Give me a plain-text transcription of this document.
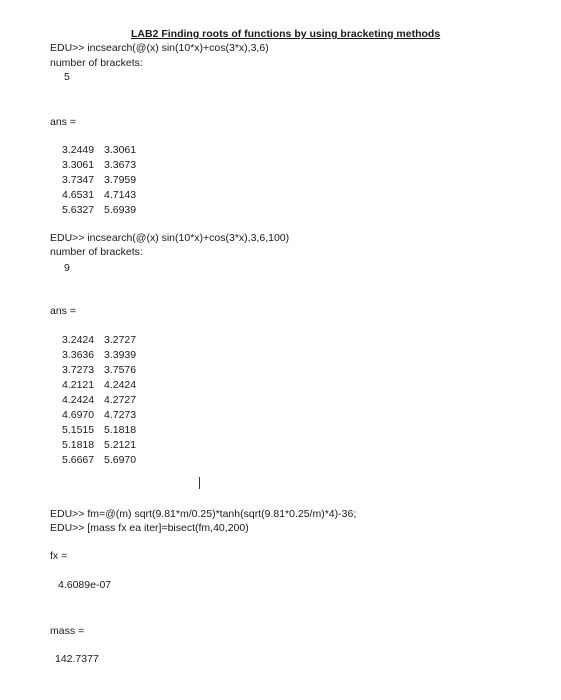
LAB2 Finding roots of functions by using bracketing methods
EDU>> incsearch(@(x) sin(10*x)+cos(3*x),3,6)
number of brackets:
5
ans =
3.2449 3.3061
3.3061 3.3673
3.7347 3.7959
4.6531 4.7143
5.6327 5.6939
EDU>> incsearch(@(x) sin(10*x)+cos(3*x),3,6,100)
number of brackets:
9
ans =
3.2424 3.2727
3.3636 3.3939
3.7273 3.7576
4.2121 4.2424
4.2424 4.2727
4.6970 4.7273
5.1515 5.1818
5.1818 5.2121
5.6667 5.6970
EDU>> fm=@(m) sqrt(9.81*m/0.25)*tanh(sqrt(9.81*0.25/m)*4)-36;
EDU>> [mass fx ea iter]=bisect(fm,40,200)
fx =
4.6089e-07
mass =
142.7377
